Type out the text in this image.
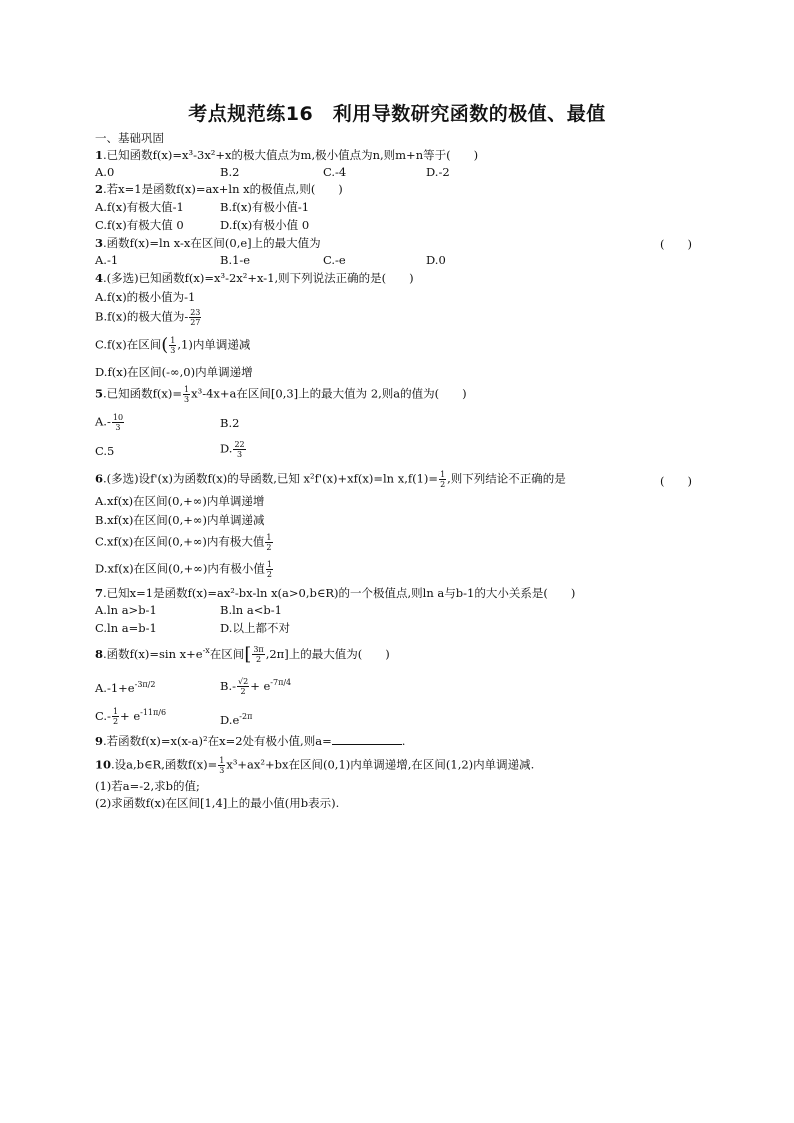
考点规范练16　利用导数研究函数的极值、最值
一、基础巩固
1.已知函数f(x)=x³-3x²+x的极大值点为m,极小值点为n,则m+n等于(　　)
A.0	B.2	C.-4	D.-2
2.若x=1是函数f(x)=ax+ln x的极值点,则(　　)
A.f(x)有极大值-1	B.f(x)有极小值-1
C.f(x)有极大值 0	D.f(x)有极小值 0
3.函数f(x)=ln x-x在区间(0,e]上的最大值为	(　　)
A.-1	B.1-e	C.-e	D.0
4.(多选)已知函数f(x)=x³-2x²+x-1,则下列说法正确的是(　　)
A.f(x)的极小值为-1
B.f(x)的极大值为- $\frac{23}{27}$
C.f(x)在区间( $\frac{1}{3} ,1$)内单调递减
D.f(x)在区间(-∞,0)内单调递增
5.已知函数$f(x)= \frac{1}{3} x^3-4x+a$在区间[0,3]上的最大值为 2,则a的值为(　　)
$A.- \frac{10}{3}$	B.2
C.5	D. $\frac{22}{3}$
6.(多选)设f'(x)为函数f(x)的导函数,已知 x²f'(x)+xf(x)=ln $x,f(1)= \frac{1}{2}$ ,则下列结论不正确的是	(　　)
A.xf(x)在区间(0,+∞)内单调递增
B.xf(x)在区间(0,+∞)内单调递减
C.xf(x)在区间(0,+∞)内有极大值 $\frac{1}{2}$
D.xf(x)在区间(0,+∞)内有极小值 $\frac{1}{2}$
7.已知x=1是函数f(x)=ax²-bx-ln x(a>0,b∈R)的一个极值点,则ln a与b-1的大小关系是(　　)
A.ln a>b-1	B.ln a<b-1
C.ln a=b-1	D.以上都不对
8.函数f(x)=sin $x+e^{-x}$在区间[ $\frac{3\pi}{2} ,2\pi$]上的最大值为(　　)
$A.-1+e^{-3\pi/2}$	$B.- \frac{√2}{2} + e^{-7\pi/4}$
$C.- \frac{1}{2} + e^{-11\pi/6}$
$D.e^{-2\pi}$
9.若函数f(x)=x(x-a)²在x=2处有极小值,则a=	.
10.设a,b∈R,函数$f(x)= \frac{1}{3} x^3+ax^2+bx$在区间(0,1)内单调递增,在区间(1,2)内单调递减.
(1)若a=-2,求b的值;
(2)求函数f(x)在区间[1,4]上的最小值(用b表示).
